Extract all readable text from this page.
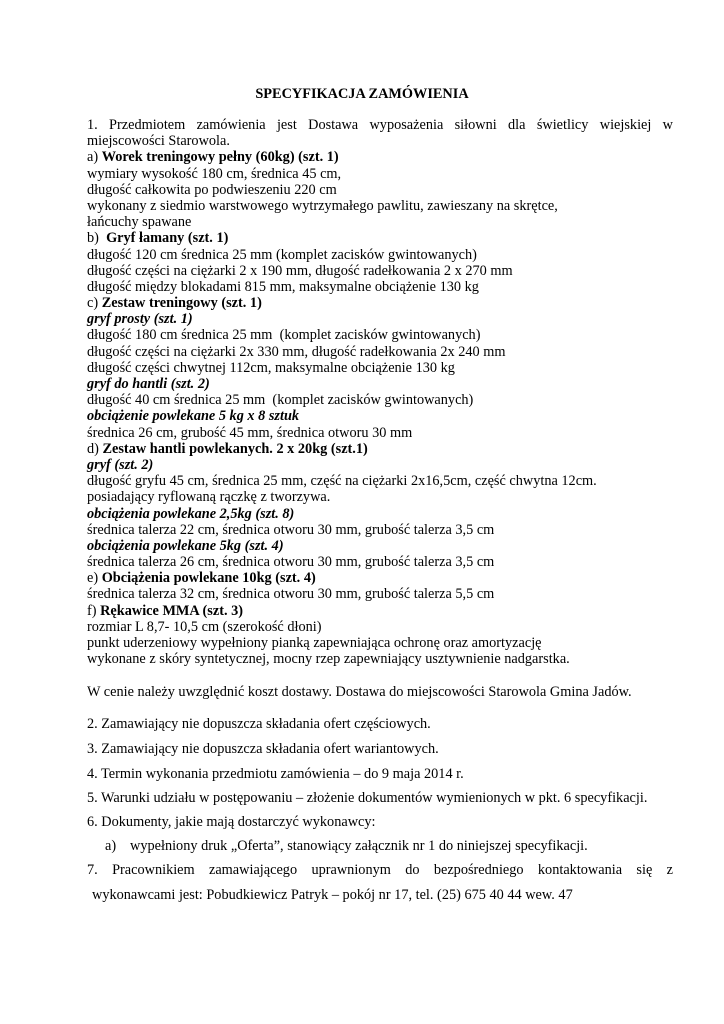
SPECYFIKACJA ZAMÓWIENIA
1. Przedmiotem zamówienia jest Dostawa wyposażenia siłowni dla świetlicy wiejskiej w
miejscowości Starowola.
a) Worek treningowy pełny (60kg) (szt. 1)
wymiary wysokość 180 cm, średnica 45 cm,
długość całkowita po podwieszeniu 220 cm
wykonany z siedmio warstwowego wytrzymałego pawlitu, zawieszany na skrętce,
łańcuchy spawane
b)  Gryf łamany (szt. 1)
długość 120 cm średnica 25 mm (komplet zacisków gwintowanych)
długość części na ciężarki 2 x 190 mm, długość radełkowania 2 x 270 mm
długość między blokadami 815 mm, maksymalne obciążenie 130 kg
c) Zestaw treningowy (szt. 1)
gryf prosty (szt. 1)
długość 180 cm średnica 25 mm  (komplet zacisków gwintowanych)
długość części na ciężarki 2x 330 mm, długość radełkowania 2x 240 mm
długość części chwytnej 112cm, maksymalne obciążenie 130 kg
gryf do hantli (szt. 2)
długość 40 cm średnica 25 mm  (komplet zacisków gwintowanych)
obciążenie powlekane 5 kg x 8 sztuk
średnica 26 cm, grubość 45 mm, średnica otworu 30 mm
d) Zestaw hantli powlekanych. 2 x 20kg (szt.1)
gryf (szt. 2)
długość gryfu 45 cm, średnica 25 mm, część na ciężarki 2x16,5cm, część chwytna 12cm.
posiadający ryflowaną rączkę z tworzywa.
obciążenia powlekane 2,5kg (szt. 8)
średnica talerza 22 cm, średnica otworu 30 mm, grubość talerza 3,5 cm
obciążenia powlekane 5kg (szt. 4)
średnica talerza 26 cm, średnica otworu 30 mm, grubość talerza 3,5 cm
e) Obciążenia powlekane 10kg (szt. 4)
średnica talerza 32 cm, średnica otworu 30 mm, grubość talerza 5,5 cm
f) Rękawice MMA (szt. 3)
rozmiar L 8,7- 10,5 cm (szerokość dłoni)
punkt uderzeniowy wypełniony pianką zapewniająca ochronę oraz amortyzację
wykonane z skóry syntetycznej, mocny rzep zapewniający usztywnienie nadgarstka.
W cenie należy uwzględnić koszt dostawy. Dostawa do miejscowości Starowola Gmina Jadów.
2. Zamawiający nie dopuszcza składania ofert częściowych.
3. Zamawiający nie dopuszcza składania ofert wariantowych.
4. Termin wykonania przedmiotu zamówienia – do 9 maja 2014 r.
5. Warunki udziału w postępowaniu – złożenie dokumentów wymienionych w pkt. 6 specyfikacji.
6. Dokumenty, jakie mają dostarczyć wykonawcy:
a) wypełniony druk „Oferta”, stanowiący załącznik nr 1 do niniejszej specyfikacji.
7.  Pracownikiem  zamawiającego  uprawnionym  do  bezpośredniego  kontaktowania  się  z
wykonawcami jest: Pobudkiewicz Patryk – pokój nr 17, tel. (25) 675 40 44 wew. 47
